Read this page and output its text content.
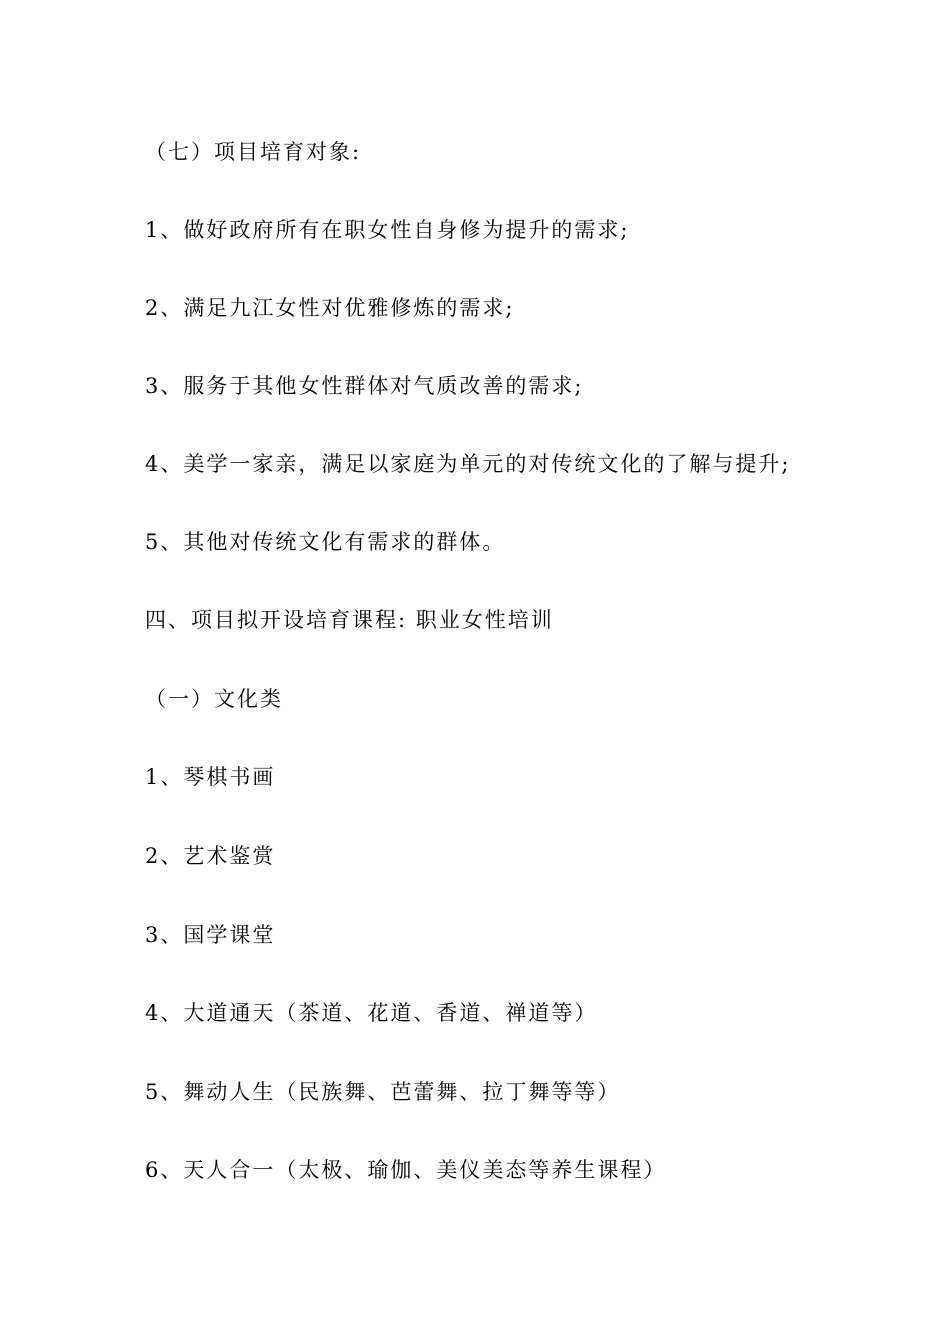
（七）项目培育对象:
1、做好政府所有在职女性自身修为提升的需求;
2、满足九江女性对优雅修炼的需求;
3、服务于其他女性群体对气质改善的需求;
4、美学一家亲，满足以家庭为单元的对传统文化的了解与提升;
5、其他对传统文化有需求的群体。
四、项目拟开设培育课程: 职业女性培训
（一）文化类
1、琴棋书画
2、艺术鉴赏
3、国学课堂
4、大道通天（茶道、花道、香道、禅道等）
5、舞动人生（民族舞、芭蕾舞、拉丁舞等等）
6、天人合一（太极、瑜伽、美仪美态等养生课程）
